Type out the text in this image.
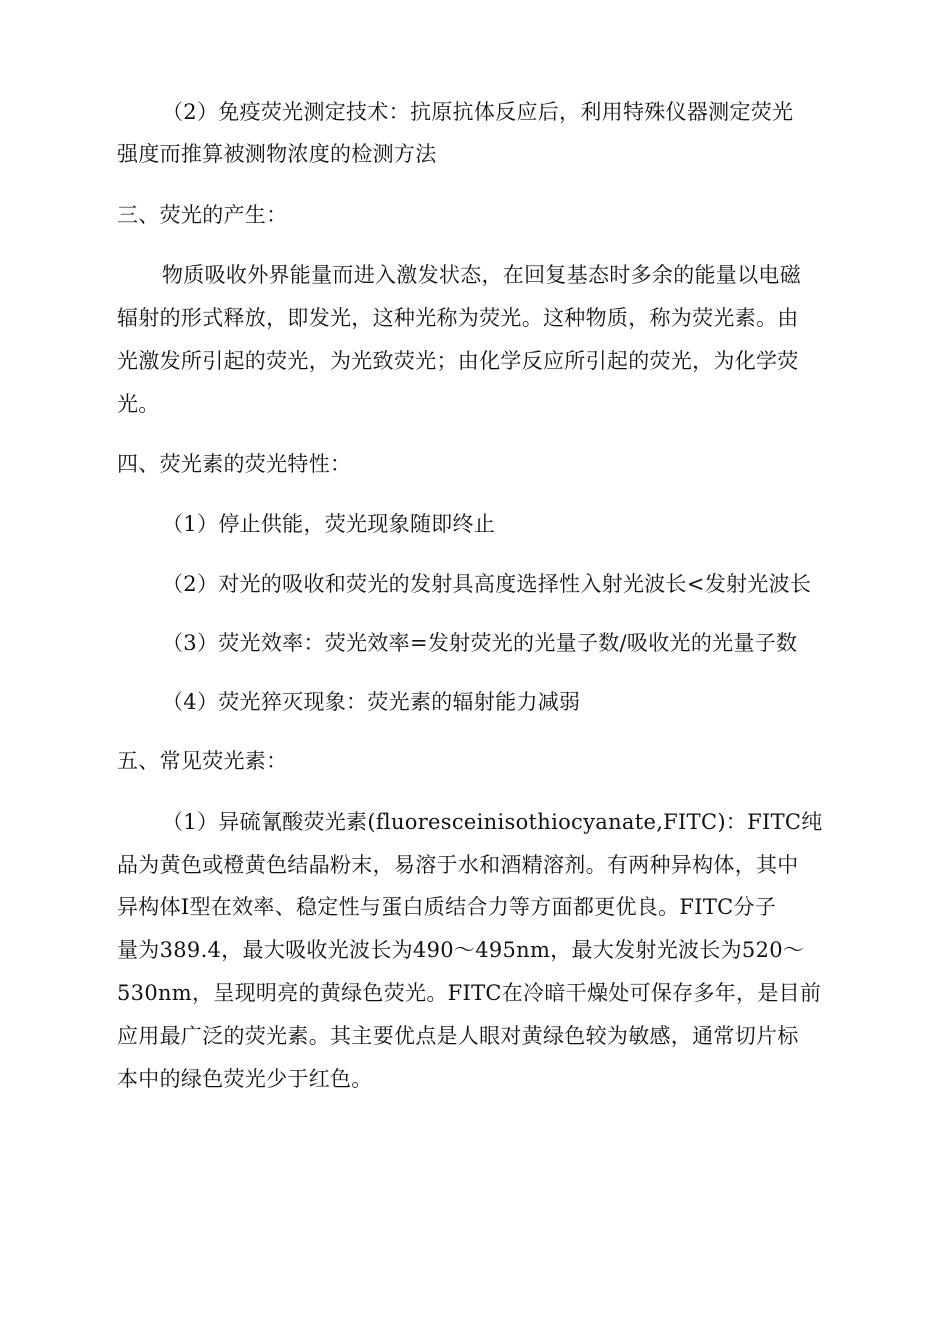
（2）免疫荧光测定技术：抗原抗体反应后，利用特殊仪器测定荧光
强度而推算被测物浓度的检测方法
三、荧光的产生：
物质吸收外界能量而进入激发状态，在回复基态时多余的能量以电磁
辐射的形式释放，即发光，这种光称为荧光。这种物质，称为荧光素。由
光激发所引起的荧光，为光致荧光；由化学反应所引起的荧光，为化学荧
光。
四、荧光素的荧光特性：
（1）停止供能，荧光现象随即终止
（2）对光的吸收和荧光的发射具高度选择性入射光波长<发射光波长
（3）荧光效率：荧光效率=发射荧光的光量子数/吸收光的光量子数
（4）荧光猝灭现象：荧光素的辐射能力减弱
五、常见荧光素：
（1）异硫氰酸荧光素(fluoresceinisothiocyanate,FITC)：FITC纯
品为黄色或橙黄色结晶粉末，易溶于水和酒精溶剂。有两种异构体，其中
异构体Ⅰ型在效率、稳定性与蛋白质结合力等方面都更优良。FITC分子
量为389.4，最大吸收光波长为490～495nm，最大发射光波长为520～
530nm，呈现明亮的黄绿色荧光。FITC在冷暗干燥处可保存多年，是目前
应用最广泛的荧光素。其主要优点是人眼对黄绿色较为敏感，通常切片标
本中的绿色荧光少于红色。
